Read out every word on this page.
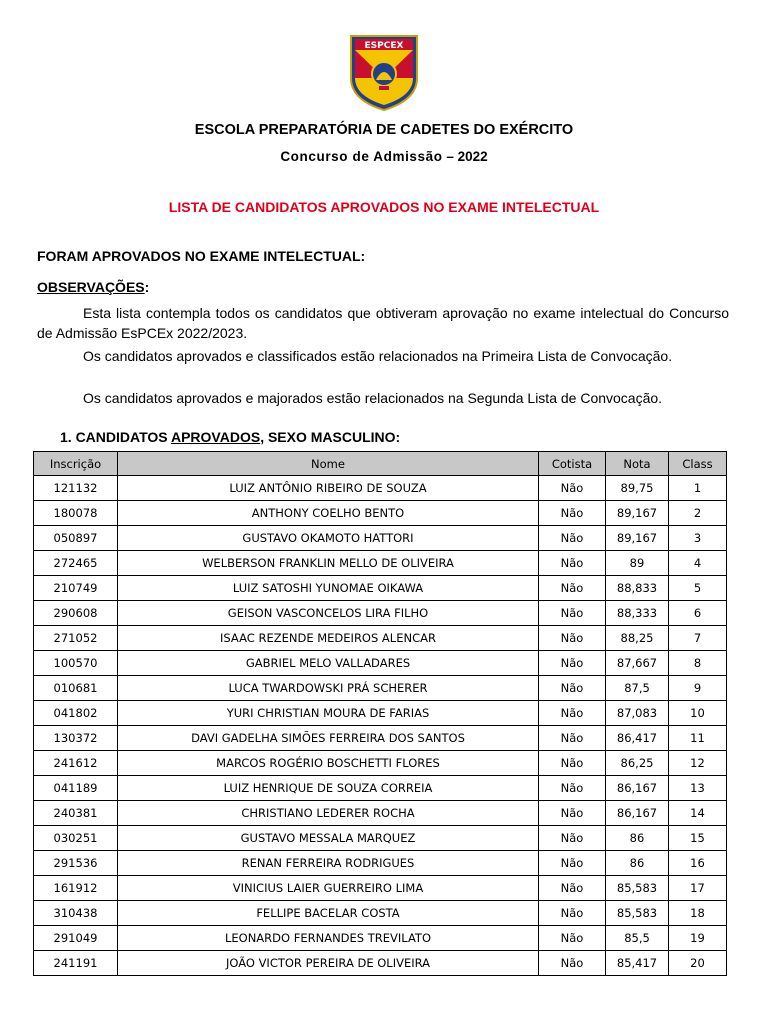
ESPCEX
ESCOLA PREPARATÓRIA DE CADETES DO EXÉRCITO
Concurso de Admissão – 2022
LISTA DE CANDIDATOS APROVADOS NO EXAME INTELECTUAL
FORAM APROVADOS NO EXAME INTELECTUAL:
OBSERVAÇÕES:
Esta lista contempla todos os candidatos que obtiveram aprovação no exame intelectual do Concurso de Admissão EsPCEx 2022/2023.
Os candidatos aprovados e classificados estão relacionados na Primeira Lista de Convocação.
Os candidatos aprovados e majorados estão relacionados na Segunda Lista de Convocação.
1. CANDIDATOS APROVADOS, SEXO MASCULINO:
Inscrição	Nome	Cotista	Nota	Class
121132	LUIZ ANTÔNIO RIBEIRO DE SOUZA	Não	89,75	1
180078	ANTHONY COELHO BENTO	Não	89,167	2
050897	GUSTAVO OKAMOTO HATTORI	Não	89,167	3
272465	WELBERSON FRANKLIN MELLO DE OLIVEIRA	Não	89	4
210749	LUIZ SATOSHI YUNOMAE OIKAWA	Não	88,833	5
290608	GEISON VASCONCELOS LIRA FILHO	Não	88,333	6
271052	ISAAC REZENDE MEDEIROS ALENCAR	Não	88,25	7
100570	GABRIEL MELO VALLADARES	Não	87,667	8
010681	LUCA TWARDOWSKI PRÁ SCHERER	Não	87,5	9
041802	YURI CHRISTIAN MOURA DE FARIAS	Não	87,083	10
130372	DAVI GADELHA SIMÕES FERREIRA DOS SANTOS	Não	86,417	11
241612	MARCOS ROGÉRIO BOSCHETTI FLORES	Não	86,25	12
041189	LUIZ HENRIQUE DE SOUZA CORREIA	Não	86,167	13
240381	CHRISTIANO LEDERER ROCHA	Não	86,167	14
030251	GUSTAVO MESSALA MARQUEZ	Não	86	15
291536	RENAN FERREIRA RODRIGUES	Não	86	16
161912	VINICIUS LAIER GUERREIRO LIMA	Não	85,583	17
310438	FELLIPE BACELAR COSTA	Não	85,583	18
291049	LEONARDO FERNANDES TREVILATO	Não	85,5	19
241191	JOÃO VICTOR PEREIRA DE OLIVEIRA	Não	85,417	20
